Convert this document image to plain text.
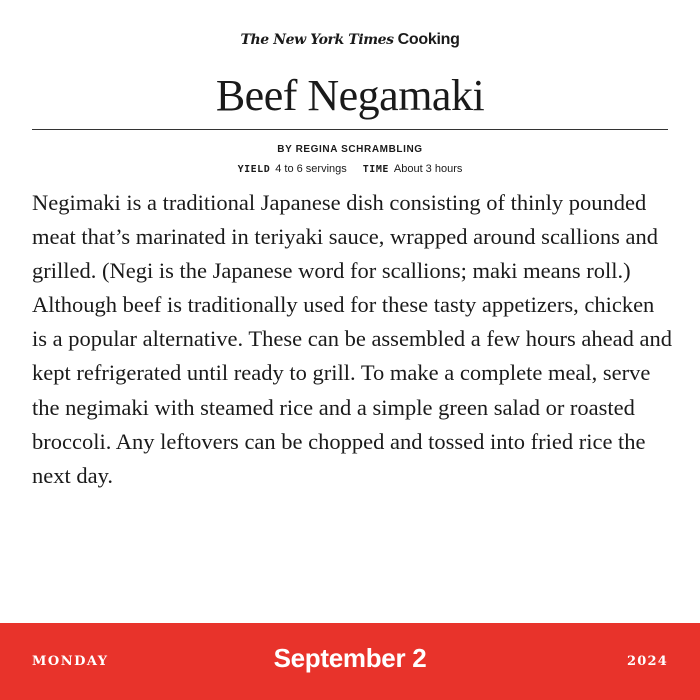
The New York Times Cooking
Beef Negamaki
BY REGINA SCHRAMBLING
YIELD 4 to 6 servings TIME About 3 hours

Negimaki is a traditional Japanese dish consisting of thinly pounded meat that’s marinated in teriyaki sauce, wrapped around scallions and grilled. (Negi is the Japanese word for scallions; maki means roll.) Although beef is traditionally used for these tasty appetizers, chicken is a popular alternative. These can be assembled a few hours ahead and kept refrigerated until ready to grill. To make a complete meal, serve the negimaki with steamed rice and a simple green salad or roasted broccoli. Any leftovers can be chopped and tossed into fried rice the next day.

MONDAY	September 2	2024
